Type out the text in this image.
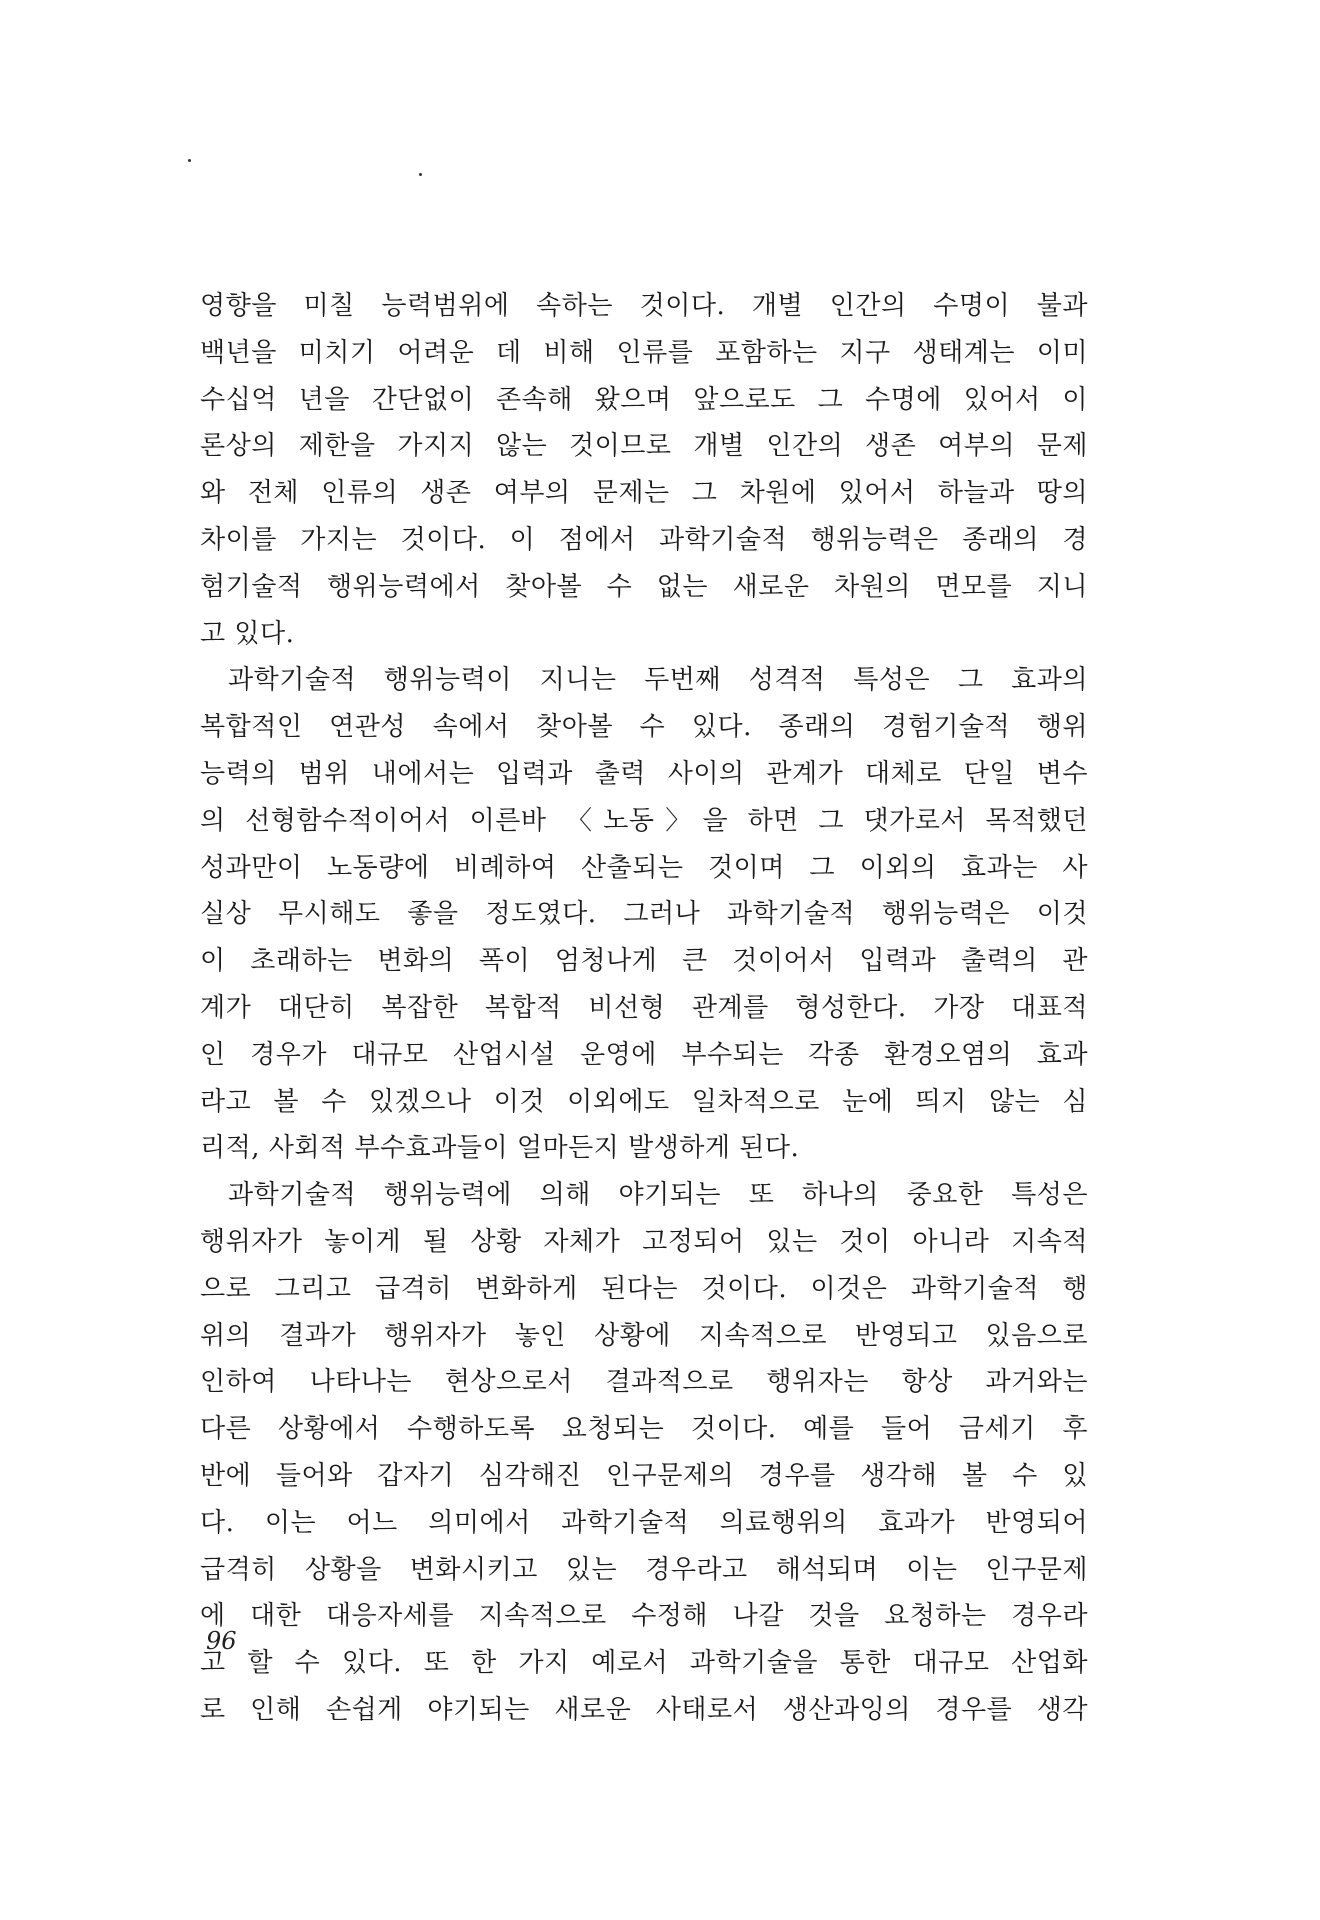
영향을 미칠 능력범위에 속하는 것이다. 개별 인간의 수명이 불과
백년을 미치기 어려운 데 비해 인류를 포함하는 지구 생태계는 이미
수십억 년을 간단없이 존속해 왔으며 앞으로도 그 수명에 있어서 이
론상의 제한을 가지지 않는 것이므로 개별 인간의 생존 여부의 문제
와 전체 인류의 생존 여부의 문제는 그 차원에 있어서 하늘과 땅의
차이를 가지는 것이다. 이 점에서 과학기술적 행위능력은 종래의 경
험기술적 행위능력에서 찾아볼 수 없는 새로운 차원의 면모를 지니
고 있다.
과학기술적 행위능력이 지니는 두번째 성격적 특성은 그 효과의
복합적인 연관성 속에서 찾아볼 수 있다. 종래의 경험기술적 행위
능력의 범위 내에서는 입력과 출력 사이의 관계가 대체로 단일 변수
의 선형함수적이어서 이른바 〈노동〉을 하면 그 댓가로서 목적했던
성과만이 노동량에 비례하여 산출되는 것이며 그 이외의 효과는 사
실상 무시해도 좋을 정도였다. 그러나 과학기술적 행위능력은 이것
이 초래하는 변화의 폭이 엄청나게 큰 것이어서 입력과 출력의 관
계가 대단히 복잡한 복합적 비선형 관계를 형성한다. 가장 대표적
인 경우가 대규모 산업시설 운영에 부수되는 각종 환경오염의 효과
라고 볼 수 있겠으나 이것 이외에도 일차적으로 눈에 띄지 않는 심
리적, 사회적 부수효과들이 얼마든지 발생하게 된다.
과학기술적 행위능력에 의해 야기되는 또 하나의 중요한 특성은
행위자가 놓이게 될 상황 자체가 고정되어 있는 것이 아니라 지속적
으로 그리고 급격히 변화하게 된다는 것이다. 이것은 과학기술적 행
위의 결과가 행위자가 놓인 상황에 지속적으로 반영되고 있음으로
인하여 나타나는 현상으로서 결과적으로 행위자는 항상 과거와는
다른 상황에서 수행하도록 요청되는 것이다. 예를 들어 금세기 후
반에 들어와 갑자기 심각해진 인구문제의 경우를 생각해 볼 수 있
다. 이는 어느 의미에서 과학기술적 의료행위의 효과가 반영되어
급격히 상황을 변화시키고 있는 경우라고 해석되며 이는 인구문제
에 대한 대응자세를 지속적으로 수정해 나갈 것을 요청하는 경우라
고 할 수 있다. 또 한 가지 예로서 과학기술을 통한 대규모 산업화
로 인해 손쉽게 야기되는 새로운 사태로서 생산과잉의 경우를 생각
96
